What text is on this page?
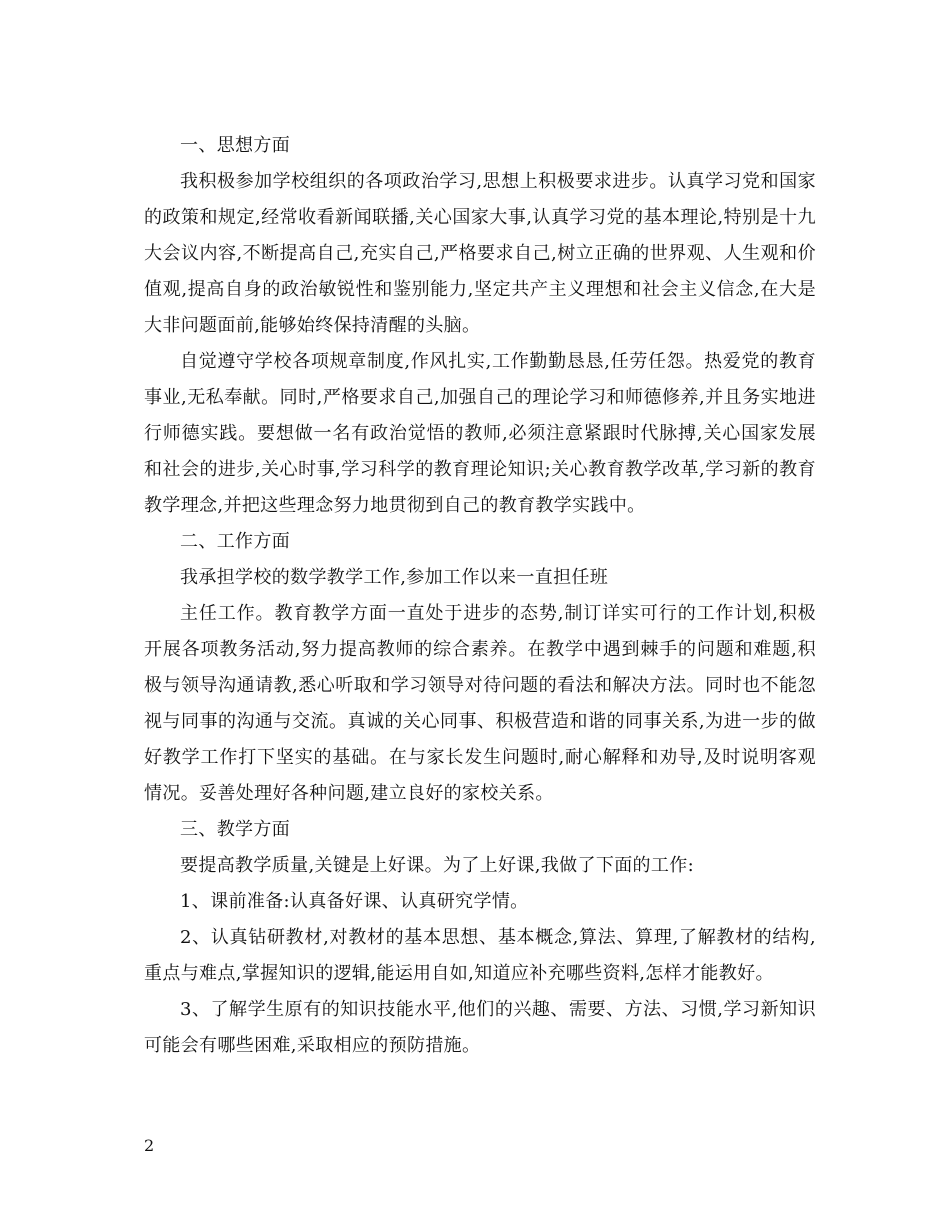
一、思想方面

我积极参加学校组织的各项政治学习,思想上积极要求进步。认真学习党和国家的政策和规定,经常收看新闻联播,关心国家大事,认真学习党的基本理论,特别是十九大会议内容,不断提高自己,充实自己,严格要求自己,树立正确的世界观、人生观和价值观,提高自身的政治敏锐性和鉴别能力,坚定共产主义理想和社会主义信念,在大是大非问题面前,能够始终保持清醒的头脑。

自觉遵守学校各项规章制度,作风扎实,工作勤勤恳恳,任劳任怨。热爱党的教育事业,无私奉献。同时,严格要求自己,加强自己的理论学习和师德修养,并且务实地进行师德实践。要想做一名有政治觉悟的教师,必须注意紧跟时代脉搏,关心国家发展和社会的进步,关心时事,学习科学的教育理论知识;关心教育教学改革,学习新的教育教学理念,并把这些理念努力地贯彻到自己的教育教学实践中。

二、工作方面

我承担学校的数学教学工作,参加工作以来一直担任班

主任工作。教育教学方面一直处于进步的态势,制订详实可行的工作计划,积极开展各项教务活动,努力提高教师的综合素养。在教学中遇到棘手的问题和难题,积极与领导沟通请教,悉心听取和学习领导对待问题的看法和解决方法。同时也不能忽视与同事的沟通与交流。真诚的关心同事、积极营造和谐的同事关系,为进一步的做好教学工作打下坚实的基础。在与家长发生问题时,耐心解释和劝导,及时说明客观情况。妥善处理好各种问题,建立良好的家校关系。

三、教学方面

要提高教学质量,关键是上好课。为了上好课,我做了下面的工作:

1、课前准备:认真备好课、认真研究学情。

2、认真钻研教材,对教材的基本思想、基本概念,算法、算理,了解教材的结构,重点与难点,掌握知识的逻辑,能运用自如,知道应补充哪些资料,怎样才能教好。

3、了解学生原有的知识技能水平,他们的兴趣、需要、方法、习惯,学习新知识可能会有哪些困难,采取相应的预防措施。

2
